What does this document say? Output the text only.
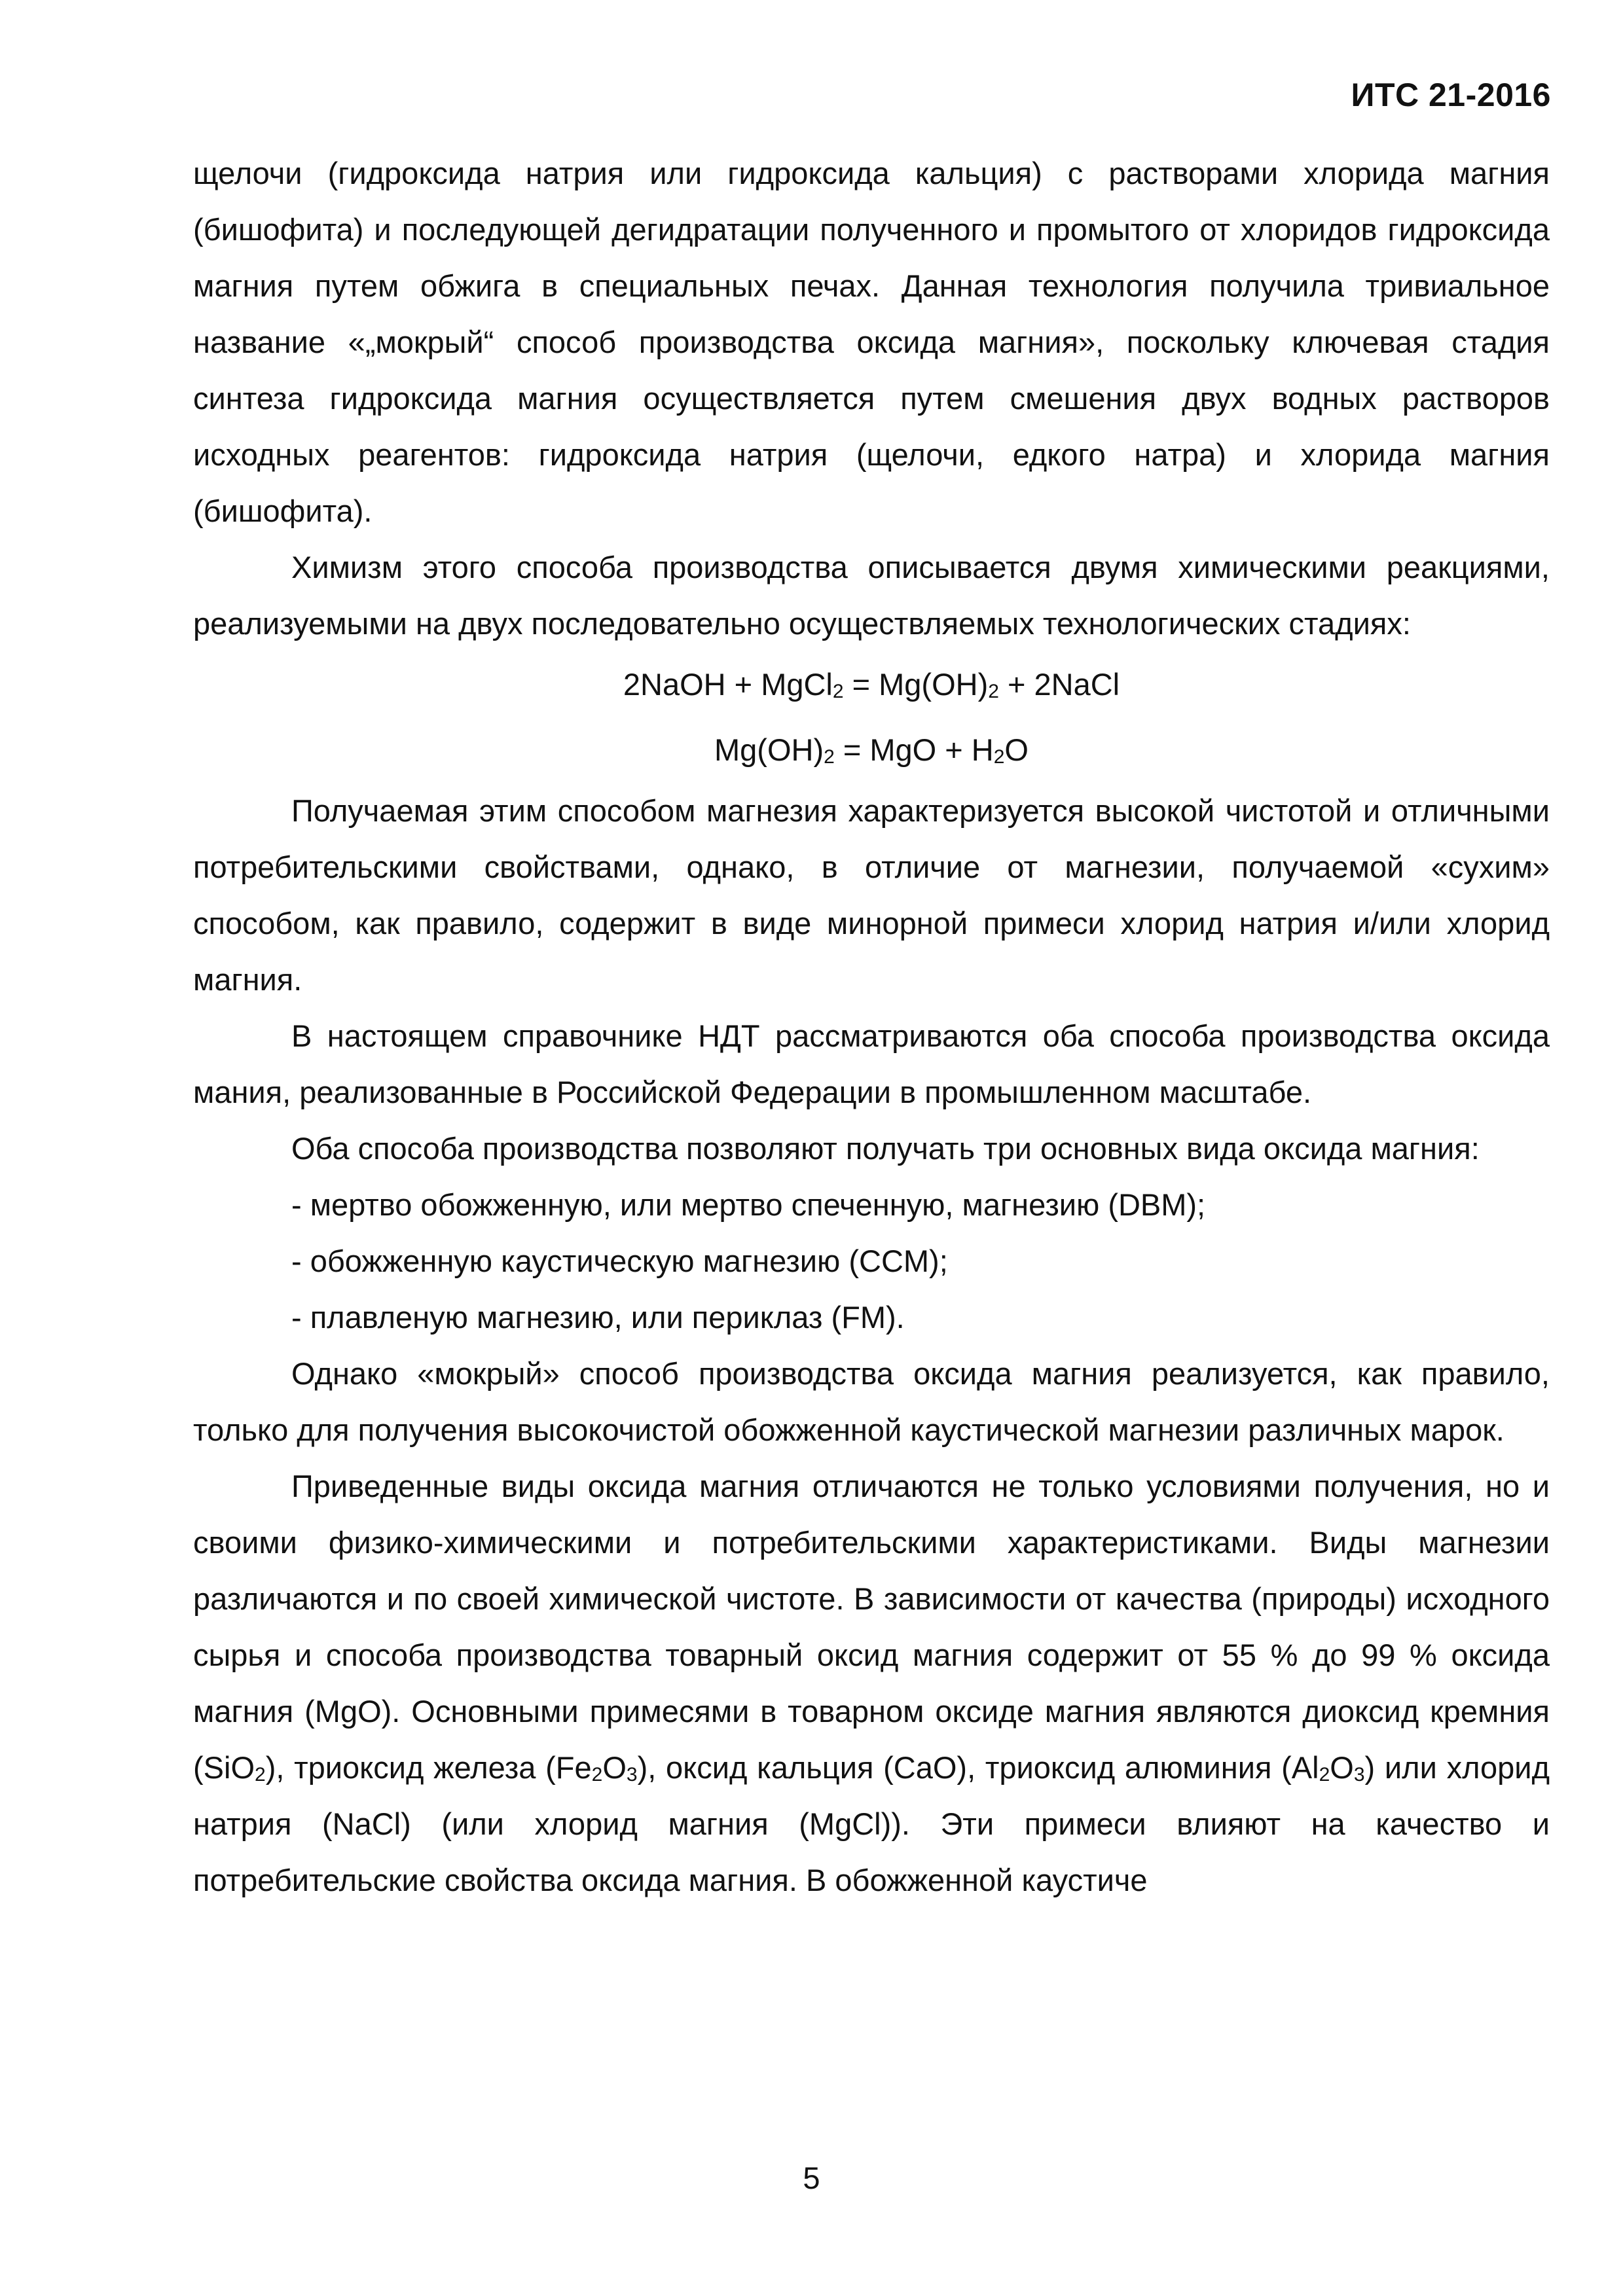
ИТС 21-2016

щелочи (гидроксида натрия или гидроксида кальция) с растворами хлорида магния (бишофита) и последующей дегидратации полученного и промытого от хлоридов гидроксида магния путем обжига в специальных печах. Данная технология получила тривиальное название «„мокрый“ способ производства оксида магния», поскольку ключевая стадия синтеза гидроксида магния осуществляется путем смешения двух водных растворов исходных реагентов: гидроксида натрия (щелочи, едкого натра) и хлорида магния (бишофита).

Химизм этого способа производства описывается двумя химическими реакциями, реализуемыми на двух последовательно осуществляемых технологических стадиях:

2NaOH + MgCl$_2$ = $Mg(OH)_2$ + 2NaCl

$Mg(OH)_2$ = MgO + $H_2O$

Получаемая этим способом магнезия характеризуется высокой чистотой и отличными потребительскими свойствами, однако, в отличие от магнезии, получаемой «сухим» способом, как правило, содержит в виде минорной примеси хлорид натрия и/или хлорид магния.

В настоящем справочнике НДТ рассматриваются оба способа производства оксида мания, реализованные в Российской Федерации в промышленном масштабе.

Оба способа производства позволяют получать три основных вида оксида магния:

- мертво обожженную, или мертво спеченную, магнезию (DBM);

- обожженную каустическую магнезию (CCM);

- плавленую магнезию, или периклаз (FM).

Однако «мокрый» способ производства оксида магния реализуется, как правило, только для получения высокочистой обожженной каустической магнезии различных марок.

Приведенные виды оксида магния отличаются не только условиями получения, но и своими физико-химическими и потребительскими характеристиками. Виды магнезии различаются и по своей химической чистоте. В зависимости от качества (природы) исходного сырья и способа производства товарный оксид магния содержит от 55 % до 99 % оксида магния (MgO). Основными примесями в товарном оксиде магния являются диоксид кремния (SiO$_2$), триоксид железа $(Fe_2O_3)$, оксид кальция (CaO), триоксид алюминия $(Al_2O_3)$ или хлорид натрия (NaCl) (или хлорид магния (MgCl)). Эти примеси влияют на качество и потребительские свойства оксида магния. В обожженной каустиче

5
